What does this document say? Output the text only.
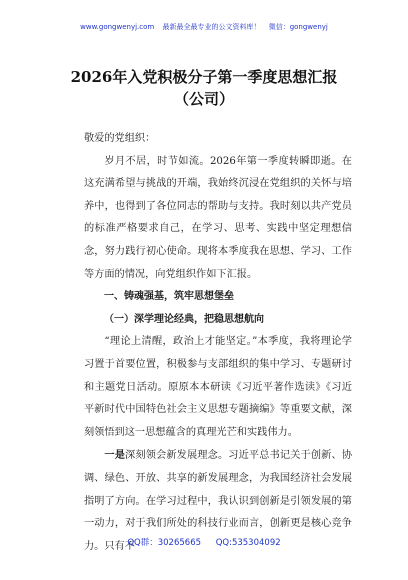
www.gongwenyj.com 最新最全最专业的公文资料库！ 微信：gongwenyj
2026年入党积极分子第一季度思想汇报
（公司）

敬爱的党组织：

岁月不居，时节如流。2026年第一季度转瞬即逝。在这充满希望与挑战的开端，我始终沉浸在党组织的关怀与培养中，也得到了各位同志的帮助与支持。我时刻以共产党员的标准严格要求自己，在学习、思考、实践中坚定理想信念，努力践行初心使命。现将本季度我在思想、学习、工作等方面的情况，向党组织作如下汇报。

一、铸魂强基，筑牢思想堡垒

（一）深学理论经典，把稳思想航向

“理论上清醒，政治上才能坚定。”本季度，我将理论学习置于首要位置，积极参与支部组织的集中学习、专题研讨和主题党日活动。原原本本研读《习近平著作选读》《习近平新时代中国特色社会主义思想专题摘编》等重要文献，深刻领悟到这一思想蕴含的真理光芒和实践伟力。

一是深刻领会新发展理念。习近平总书记关于创新、协调、绿色、开放、共享的新发展理念，为我国经济社会发展指明了方向。在学习过程中，我认识到创新是引领发展的第一动力，对于我们所处的科技行业而言，创新更是核心竞争力。只有不

QQ群：30265665 QQ:535304092
